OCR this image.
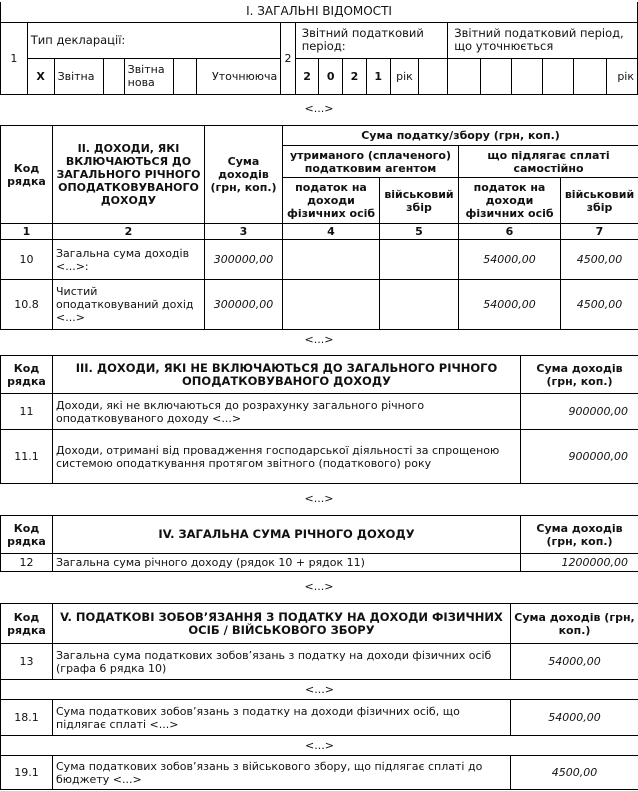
І. ЗАГАЛЬНІ ВІДОМОСТІ																			
1	Тип декларації:						2	Звітний податковий період:						Звітний податковий період, що уточнюється					
	X	Звітна		Звітна нова		Уточнююча		2	0	2	1	рік							рік
<...>
Код рядка	ІІ. ДОХОДИ, ЯКІ ВКЛЮЧАЮТЬСЯ ДО ЗАГАЛЬНОГО РІЧНОГО ОПОДАТКОВУВАНОГО ДОХОДУ	Сума доходів (грн, коп.)	Сума податку/збору (грн, коп.)			
			утриманого (сплаченого) податковим агентом		що підлягає сплаті самостійно	
			податок на доходи фізичних осіб	військовий збір	податок на доходи фізичних осіб	військовий збір
1	2	3	4	5	6	7
10	Загальна сума доходів <...>:	300000,00			54000,00	4500,00
10.8	Чистий оподатковуваний дохід <...>	300000,00			54000,00	4500,00
<...>
Код рядка	ІІІ. ДОХОДИ, ЯКІ НЕ ВКЛЮЧАЮТЬСЯ ДО ЗАГАЛЬНОГО РІЧНОГО ОПОДАТКОВУВАНОГО ДОХОДУ	Сума доходів (грн, коп.)
11	Доходи, які не включаються до розрахунку загального річного оподатковуваного доходу <...>	900000,00
11.1	Доходи, отримані від провадження господарської діяльності за спрощеною системою оподаткування протягом звітного (податкового) року	900000,00
<...>
Код рядка	IV. ЗАГАЛЬНА СУМА РІЧНОГО ДОХОДУ	Сума доходів (грн, коп.)
12	Загальна сума річного доходу (рядок 10 + рядок 11)	1200000,00
<...>
Код рядка	V. ПОДАТКОВІ ЗОБОВ’ЯЗАННЯ З ПОДАТКУ НА ДОХОДИ ФІЗИЧНИХ ОСІБ / ВІЙСЬКОВОГО ЗБОРУ	Сума доходів (грн, коп.)
13	Загальна сума податкових зобов’язань з податку на доходи фізичних осіб (графа 6 рядка 10)	54000,00
<...>		
18.1	Сума податкових зобов’язань з податку на доходи фізичних осіб, що підлягає сплаті <...>	54000,00
<...>		
19.1	Сума податкових зобов’язань з військового збору, що підлягає сплаті до бюджету <...>	4500,00
